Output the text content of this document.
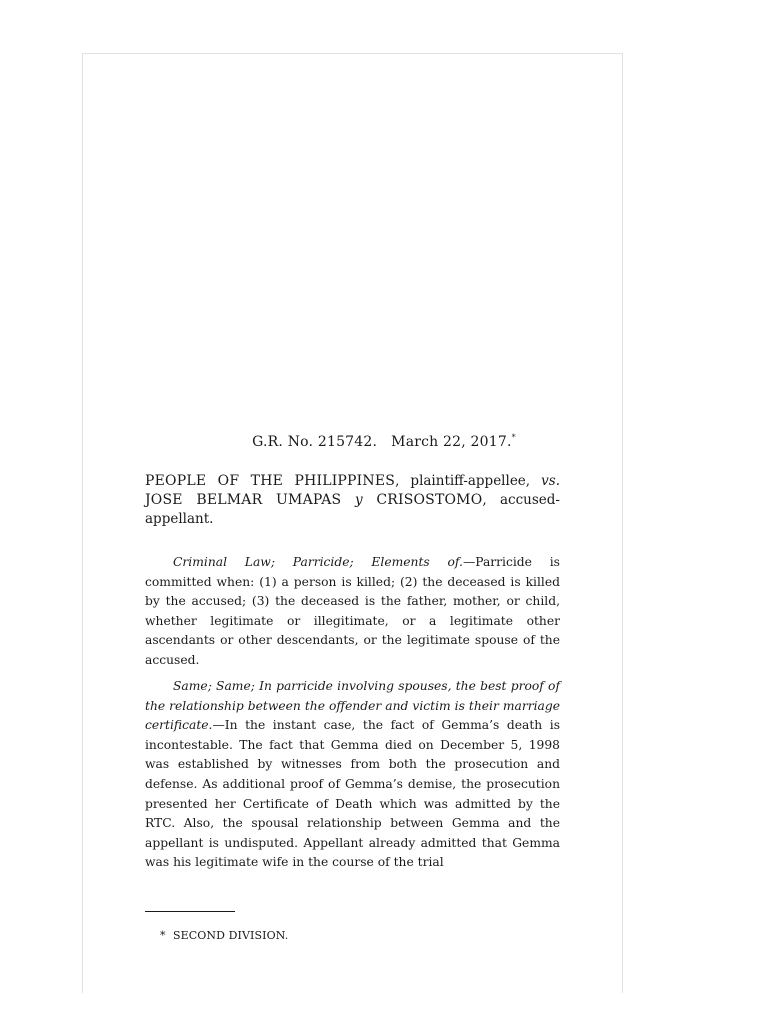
G.R. No. 215742. March 22, 2017.*
PEOPLE OF THE PHILIPPINES, plaintiff-appellee, vs. JOSE BELMAR UMAPAS y CRISOSTOMO, accused-appellant.

Criminal Law; Parricide; Elements of.—Parricide is committed when: (1) a person is killed; (2) the deceased is killed by the accused; (3) the deceased is the father, mother, or child, whether legitimate or illegitimate, or a legitimate other ascendants or other descendants, or the legitimate spouse of the accused.

Same; Same; In parricide involving spouses, the best proof of the relationship between the offender and victim is their marriage certificate.—In the instant case, the fact of Gemma’s death is incontestable. The fact that Gemma died on December 5, 1998 was established by witnesses from both the prosecution and defense. As additional proof of Gemma’s demise, the prosecution presented her Certificate of Death which was admitted by the RTC. Also, the spousal relationship between Gemma and the appellant is undisputed. Appellant already admitted that Gemma was his legitimate wife in the course of the trial

* SECOND DIVISION.
